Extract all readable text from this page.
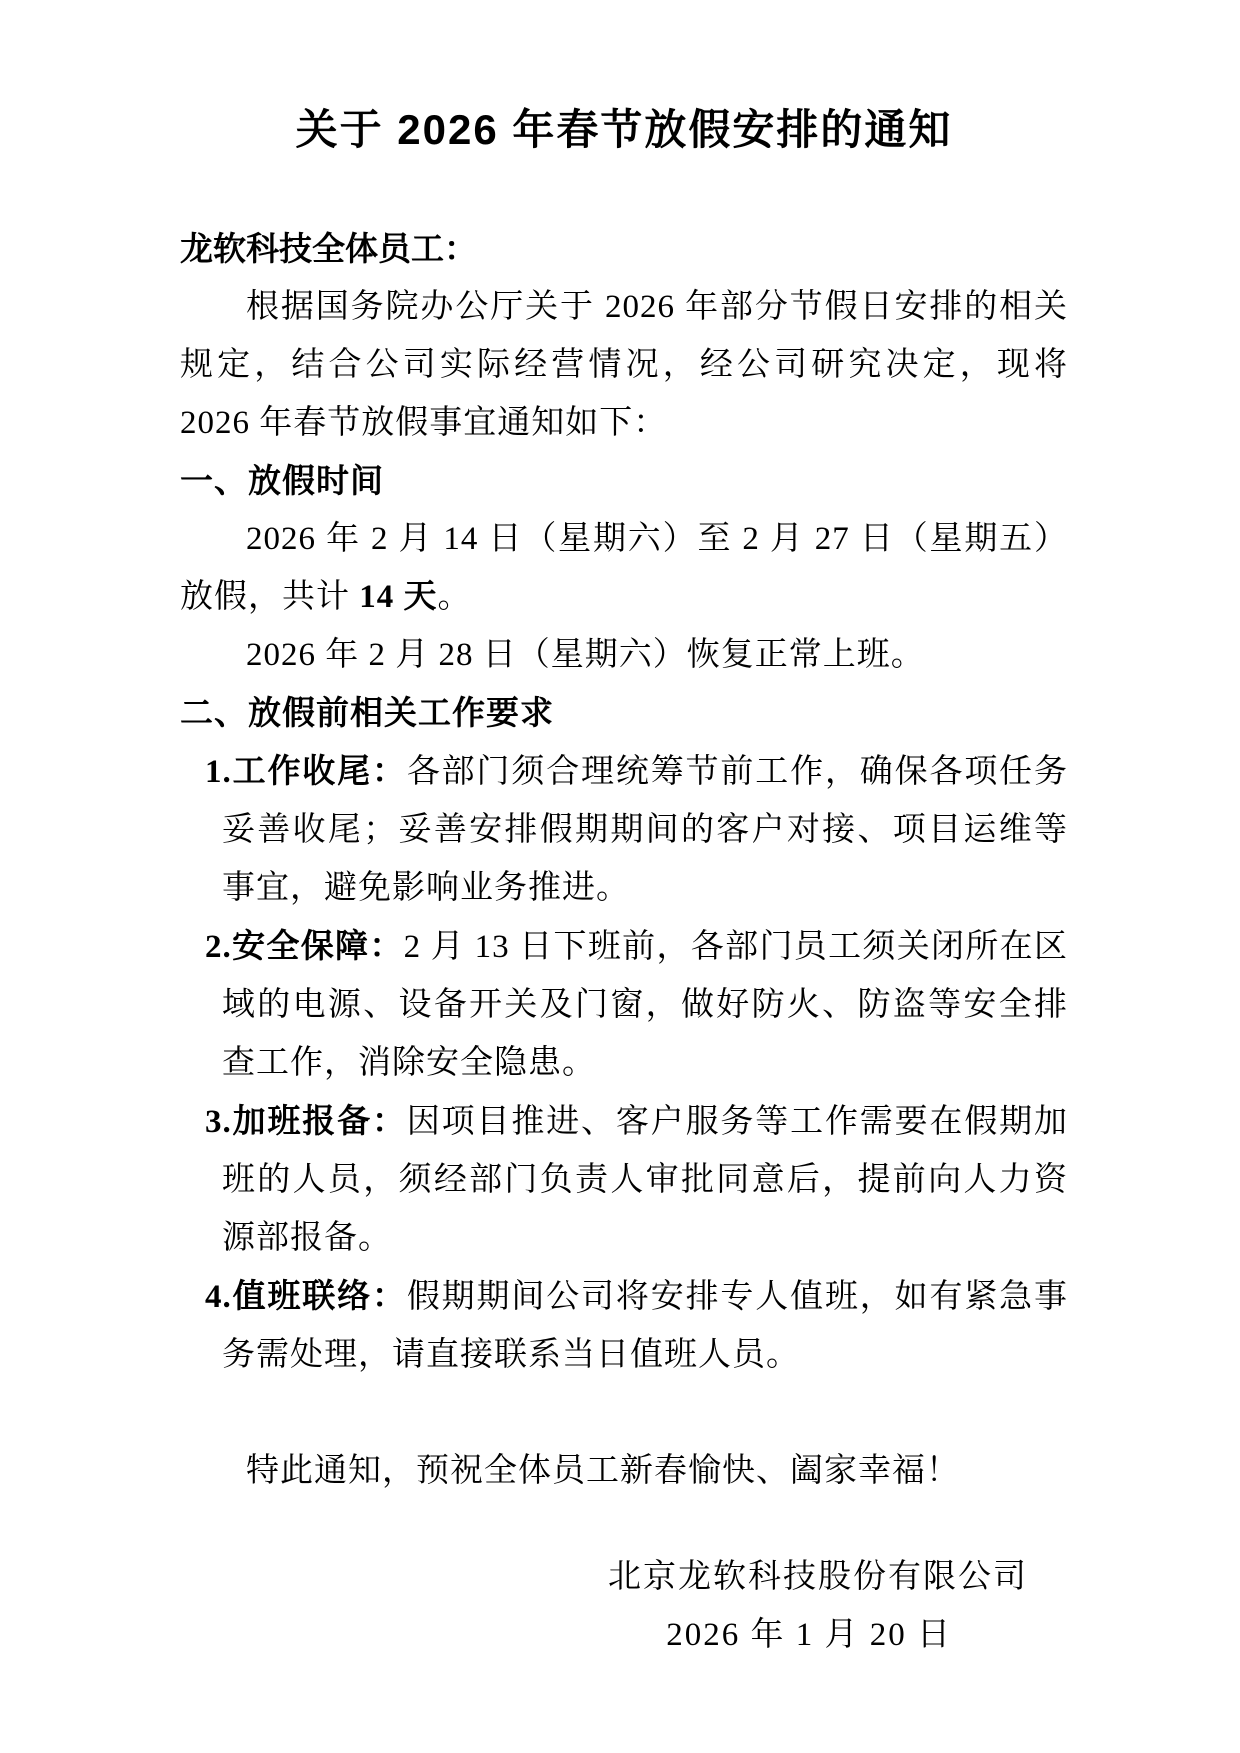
关于 2026 年春节放假安排的通知

龙软科技全体员工：

根据国务院办公厅关于 2026 年部分节假日安排的相关规定，结合公司实际经营情况，经公司研究决定，现将 2026 年春节放假事宜通知如下：

一、放假时间

2026 年 2 月 14 日（星期六）至 2 月 27 日（星期五）放假，共计 14 天。

2026 年 2 月 28 日（星期六）恢复正常上班。

二、放假前相关工作要求
1.工作收尾：各部门须合理统筹节前工作，确保各项任务妥善收尾；妥善安排假期期间的客户对接、项目运维等事宜，避免影响业务推进。
2.安全保障：2 月 13 日下班前，各部门员工须关闭所在区域的电源、设备开关及门窗，做好防火、防盗等安全排查工作，消除安全隐患。
3.加班报备：因项目推进、客户服务等工作需要在假期加班的人员，须经部门负责人审批同意后，提前向人力资源部报备。
4.值班联络：假期期间公司将安排专人值班，如有紧急事务需处理，请直接联系当日值班人员。

特此通知，预祝全体员工新春愉快、阖家幸福！

北京龙软科技股份有限公司
2026 年 1 月 20 日
